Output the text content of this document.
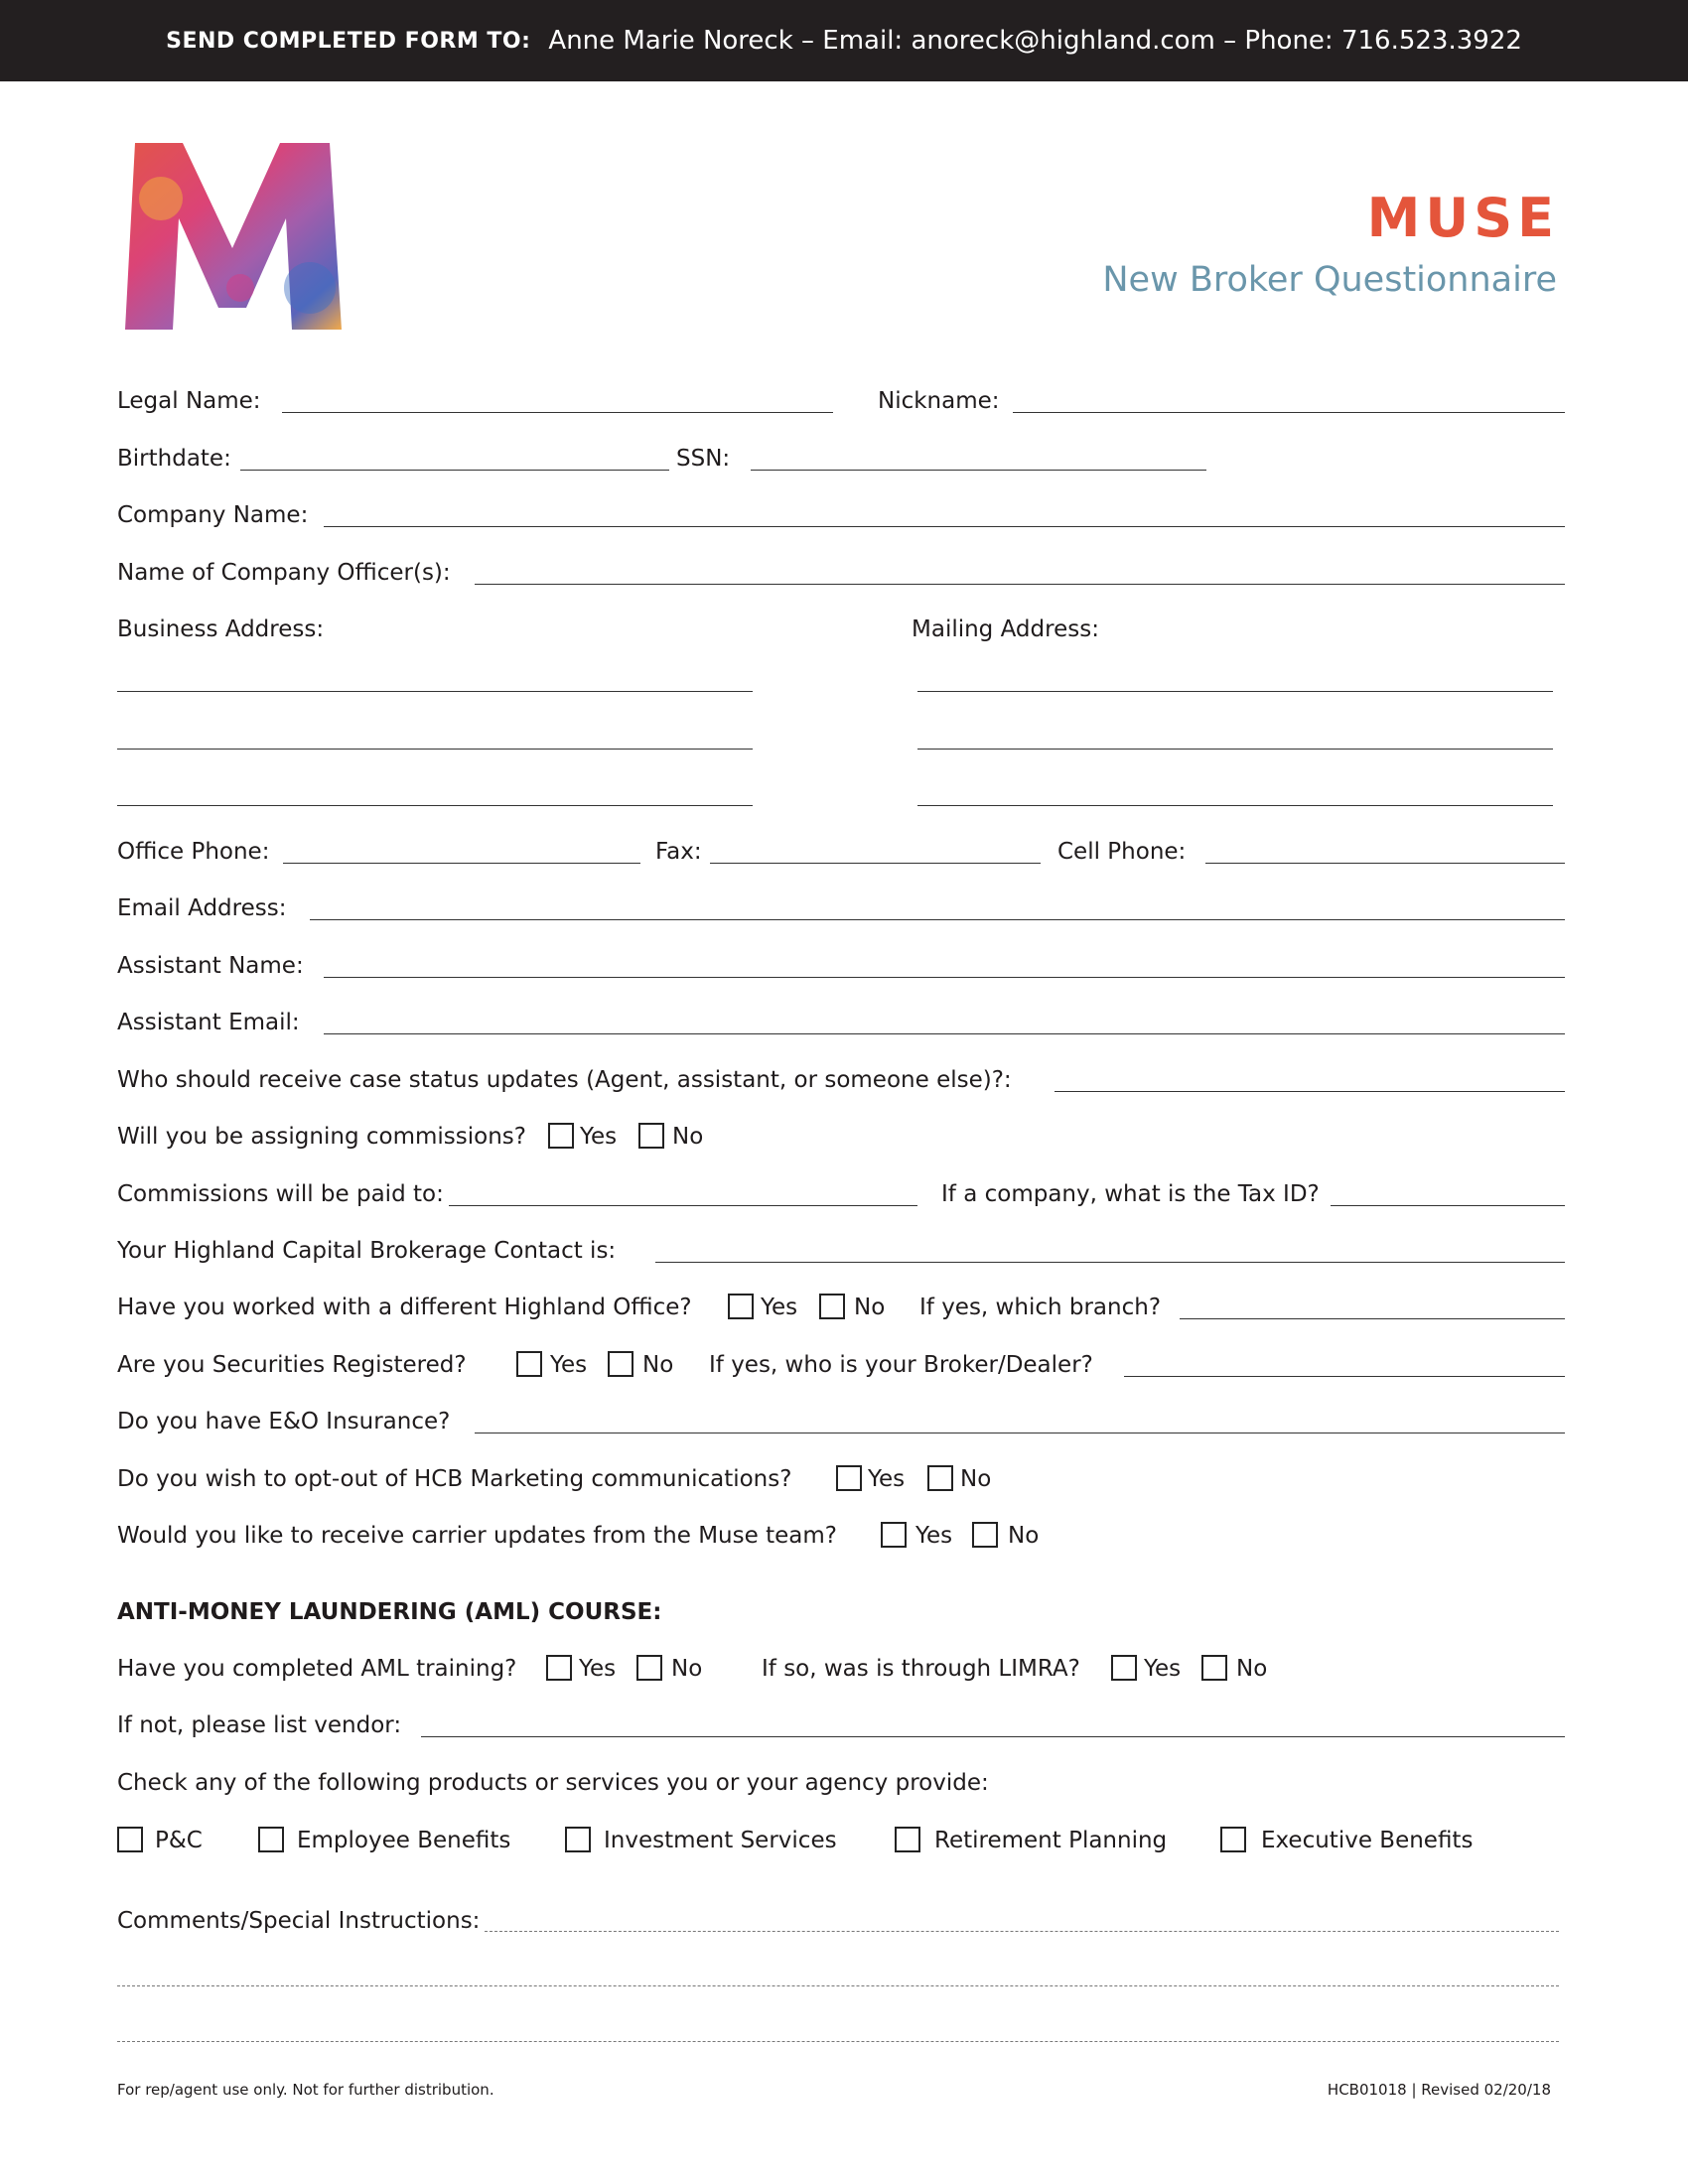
SEND COMPLETED FORM TO: Anne Marie Noreck – Email: anoreck@highland.com – Phone: 716.523.3922
MUSE
New Broker Questionnaire
Legal Name:	Nickname:
Birthdate:	SSN:
Company Name:
Name of Company Officer(s):
Business Address:	Mailing Address:
Office Phone:	Fax:	Cell Phone:
Email Address:
Assistant Name:
Assistant Email:
Who should receive case status updates (Agent, assistant, or someone else)?:
Will you be assigning commissions? Yes No
Commissions will be paid to:	If a company, what is the Tax ID?
Your Highland Capital Brokerage Contact is:
Have you worked with a different Highland Office?	Yes No If yes, which branch?
Are you Securities Registered?	Yes No If yes, who is your Broker/Dealer?
Do you have E&O Insurance?
Do you wish to opt-out of HCB Marketing communications?	Yes No
Would you like to receive carrier updates from the Muse team?	Yes No
ANTI-MONEY LAUNDERING (AML) COURSE:
Have you completed AML training?	Yes No	If so, was is through LIMRA?	Yes No
If not, please list vendor:
Check any of the following products or services you or your agency provide:
P&C	Employee Benefits	Investment Services	Retirement Planning	Executive Benefits
Comments/Special Instructions:
For rep/agent use only. Not for further distribution.	HCB01018 | Revised 02/20/18
